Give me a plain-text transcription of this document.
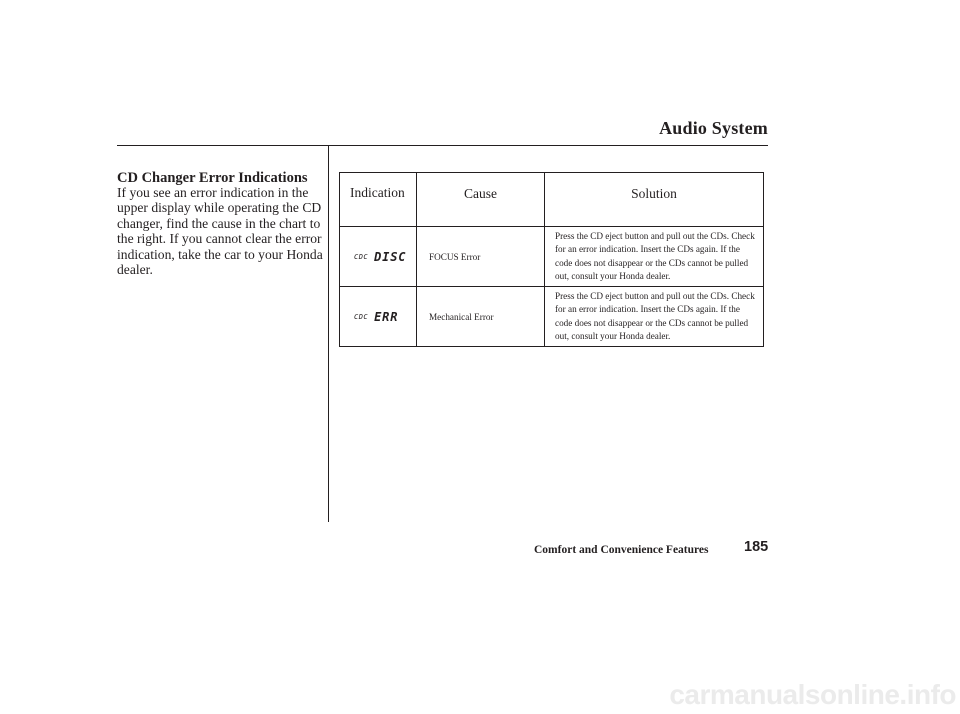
Audio System
CD Changer Error Indications

If you see an error indication in the upper display while operating the CD changer, find the cause in the chart to the right. If you cannot clear the error indication, take the car to your Honda dealer.

Indication	Cause	Solution
CDC DISC	FOCUS Error	Press the CD eject button and pull out the CDs. Check for an error indication. Insert the CDs again. If the code does not disappear or the CDs cannot be pulled out, consult your Honda dealer.
CDC ERR	Mechanical Error	Press the CD eject button and pull out the CDs. Check for an error indication. Insert the CDs again. If the code does not disappear or the CDs cannot be pulled out, consult your Honda dealer.
Comfort and Convenience Features 185
carmanualsonline.info
